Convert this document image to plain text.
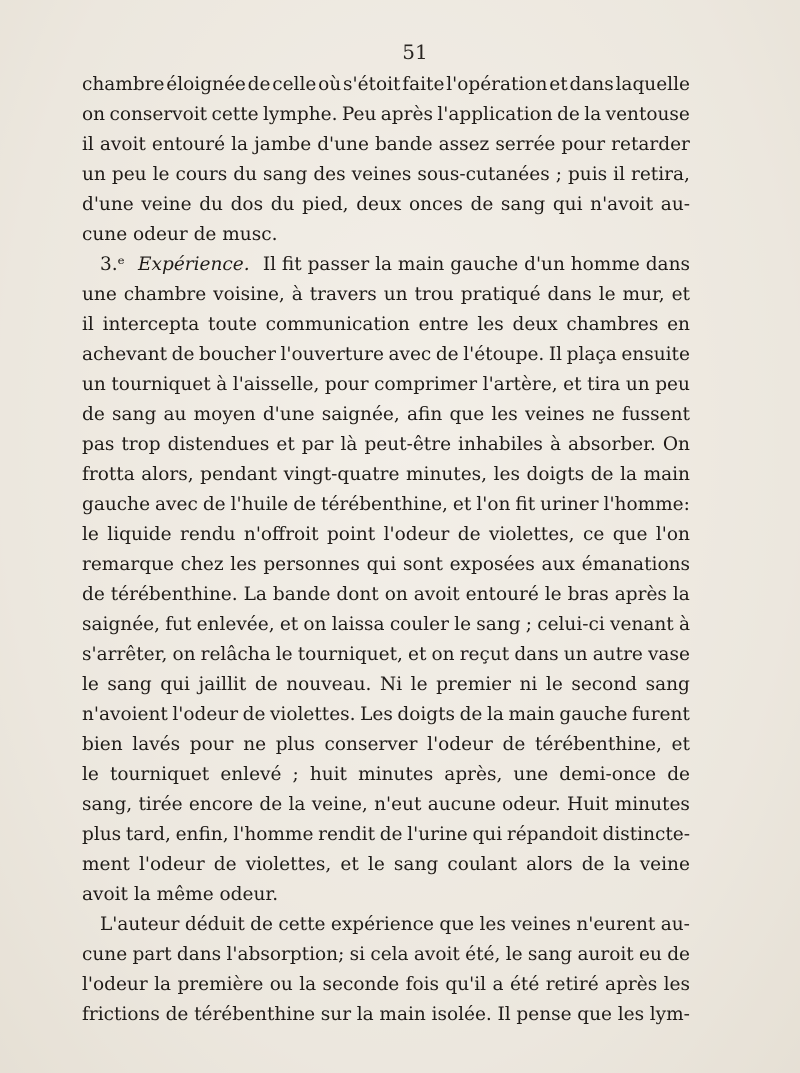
51
chambre éloignée de celle où s'étoit faite l'opération et dans laquelle
on conservoit cette lymphe. Peu après l'application de la ventouse
il avoit entouré la jambe d'une bande assez serrée pour retarder
un peu le cours du sang des veines sous-cutanées ; puis il retira,
d'une veine du dos du pied, deux onces de sang qui n'avoit au-
cune odeur de musc.
3.ᵉ Expérience. Il fit passer la main gauche d'un homme dans
une chambre voisine, à travers un trou pratiqué dans le mur, et
il intercepta toute communication entre les deux chambres en
achevant de boucher l'ouverture avec de l'étoupe. Il plaça ensuite
un tourniquet à l'aisselle, pour comprimer l'artère, et tira un peu
de sang au moyen d'une saignée, afin que les veines ne fussent
pas trop distendues et par là peut-être inhabiles à absorber. On
frotta alors, pendant vingt-quatre minutes, les doigts de la main
gauche avec de l'huile de térébenthine, et l'on fit uriner l'homme:
le liquide rendu n'offroit point l'odeur de violettes, ce que l'on
remarque chez les personnes qui sont exposées aux émanations
de térébenthine. La bande dont on avoit entouré le bras après la
saignée, fut enlevée, et on laissa couler le sang ; celui-ci venant à
s'arrêter, on relâcha le tourniquet, et on reçut dans un autre vase
le sang qui jaillit de nouveau. Ni le premier ni le second sang
n'avoient l'odeur de violettes. Les doigts de la main gauche furent
bien lavés pour ne plus conserver l'odeur de térébenthine, et
le tourniquet enlevé ; huit minutes après, une demi-once de
sang, tirée encore de la veine, n'eut aucune odeur. Huit minutes
plus tard, enfin, l'homme rendit de l'urine qui répandoit distincte-
ment l'odeur de violettes, et le sang coulant alors de la veine
avoit la même odeur.
L'auteur déduit de cette expérience que les veines n'eurent au-
cune part dans l'absorption; si cela avoit été, le sang auroit eu de
l'odeur la première ou la seconde fois qu'il a été retiré après les
frictions de térébenthine sur la main isolée. Il pense que les lym-
